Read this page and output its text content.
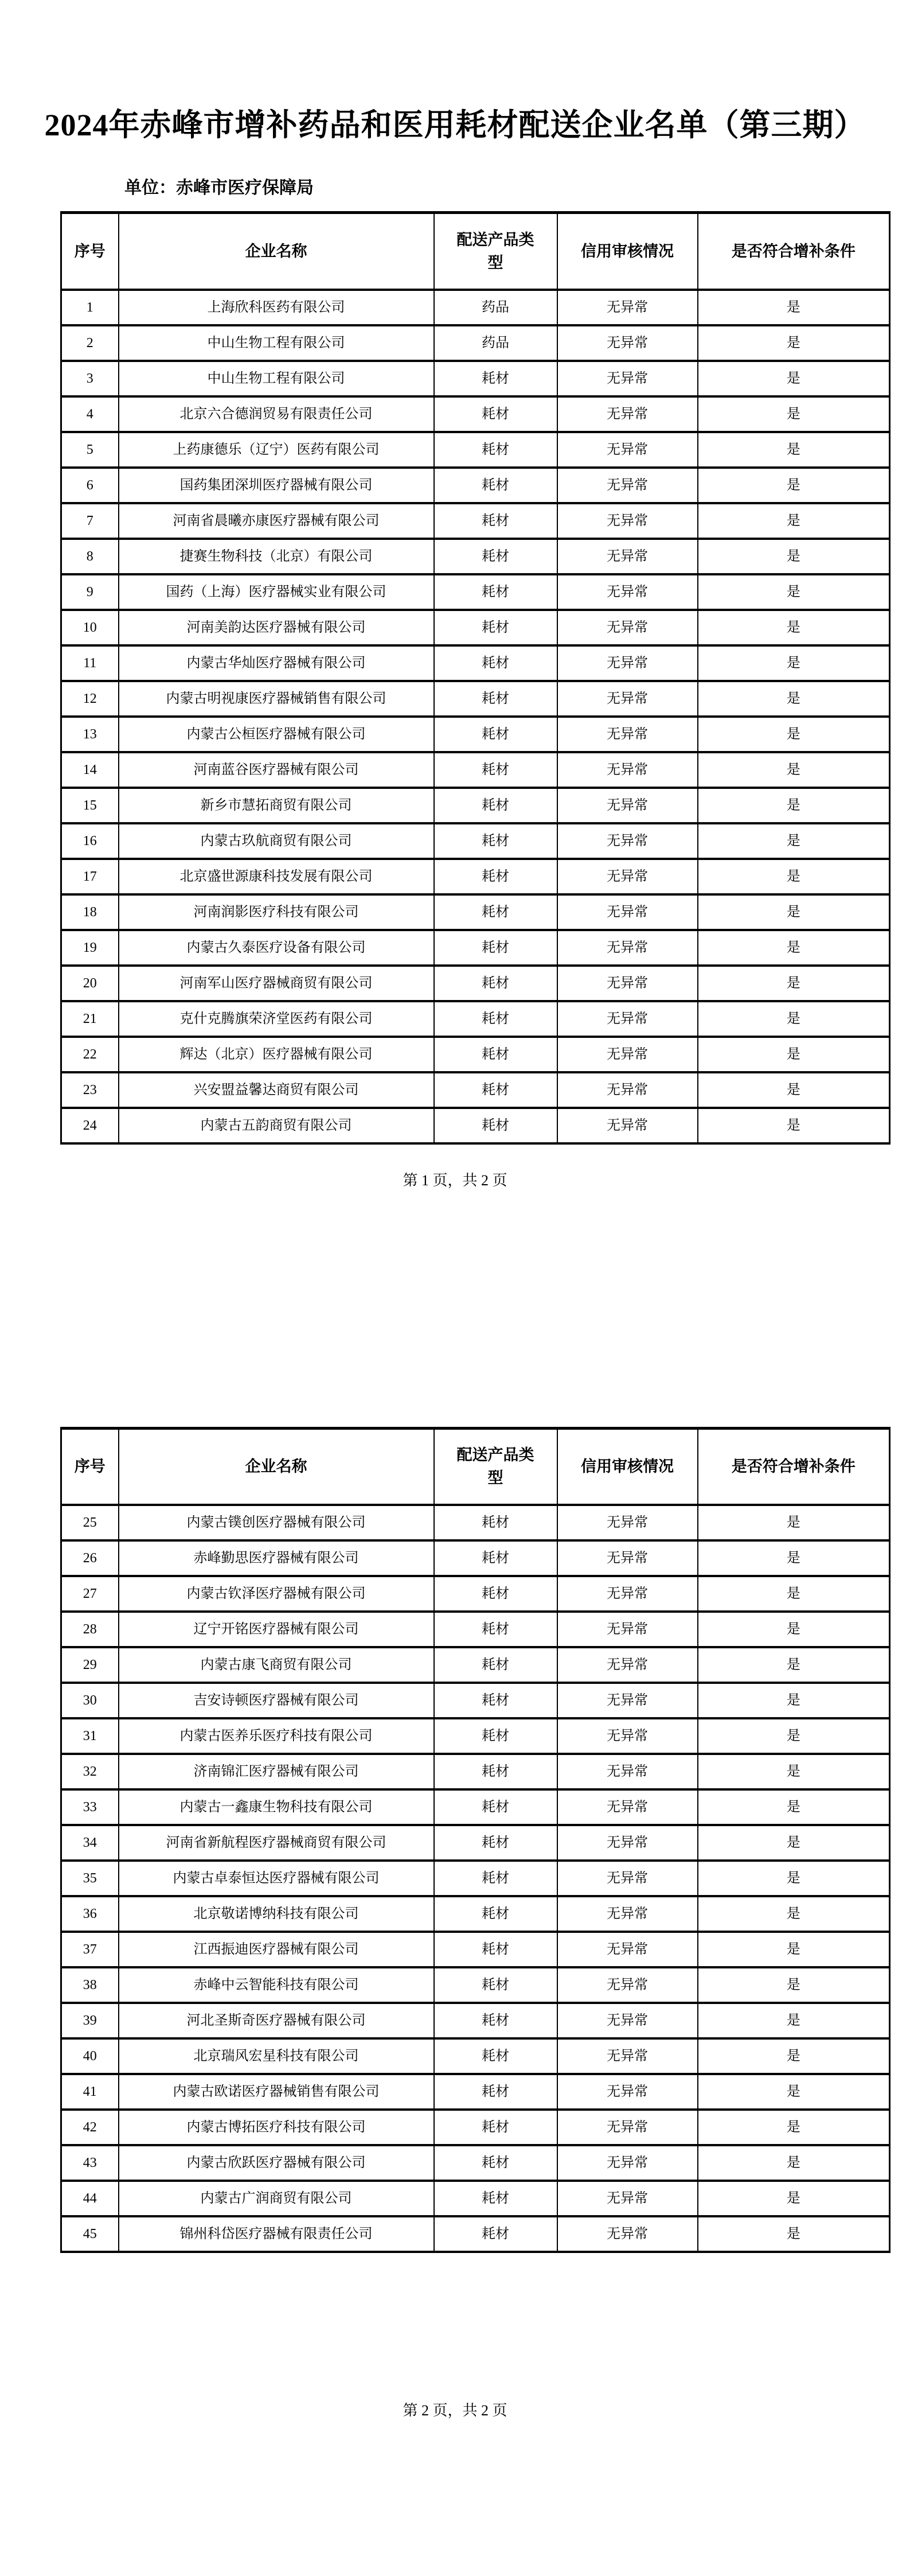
2024年赤峰市增补药品和医用耗材配送企业名单（第三期）
单位：赤峰市医疗保障局
序号	企业名称	配送产品类型	信用审核情况	是否符合增补条件
1	上海欣科医药有限公司	药品	无异常	是
2	中山生物工程有限公司	药品	无异常	是
3	中山生物工程有限公司	耗材	无异常	是
4	北京六合德润贸易有限责任公司	耗材	无异常	是
5	上药康德乐（辽宁）医药有限公司	耗材	无异常	是
6	国药集团深圳医疗器械有限公司	耗材	无异常	是
7	河南省晨曦亦康医疗器械有限公司	耗材	无异常	是
8	捷赛生物科技（北京）有限公司	耗材	无异常	是
9	国药（上海）医疗器械实业有限公司	耗材	无异常	是
10	河南美韵达医疗器械有限公司	耗材	无异常	是
11	内蒙古华灿医疗器械有限公司	耗材	无异常	是
12	内蒙古明视康医疗器械销售有限公司	耗材	无异常	是
13	内蒙古公桓医疗器械有限公司	耗材	无异常	是
14	河南蓝谷医疗器械有限公司	耗材	无异常	是
15	新乡市慧拓商贸有限公司	耗材	无异常	是
16	内蒙古玖航商贸有限公司	耗材	无异常	是
17	北京盛世源康科技发展有限公司	耗材	无异常	是
18	河南润影医疗科技有限公司	耗材	无异常	是
19	内蒙古久泰医疗设备有限公司	耗材	无异常	是
20	河南军山医疗器械商贸有限公司	耗材	无异常	是
21	克什克腾旗荣济堂医药有限公司	耗材	无异常	是
22	辉达（北京）医疗器械有限公司	耗材	无异常	是
23	兴安盟益馨达商贸有限公司	耗材	无异常	是
24	内蒙古五韵商贸有限公司	耗材	无异常	是
第 1 页，共 2 页
序号	企业名称	配送产品类型	信用审核情况	是否符合增补条件
25	内蒙古镤创医疗器械有限公司	耗材	无异常	是
26	赤峰勤思医疗器械有限公司	耗材	无异常	是
27	内蒙古钦泽医疗器械有限公司	耗材	无异常	是
28	辽宁开铭医疗器械有限公司	耗材	无异常	是
29	内蒙古康飞商贸有限公司	耗材	无异常	是
30	吉安诗顿医疗器械有限公司	耗材	无异常	是
31	内蒙古医养乐医疗科技有限公司	耗材	无异常	是
32	济南锦汇医疗器械有限公司	耗材	无异常	是
33	内蒙古一鑫康生物科技有限公司	耗材	无异常	是
34	河南省新航程医疗器械商贸有限公司	耗材	无异常	是
35	内蒙古卓泰恒达医疗器械有限公司	耗材	无异常	是
36	北京敬诺博纳科技有限公司	耗材	无异常	是
37	江西振迪医疗器械有限公司	耗材	无异常	是
38	赤峰中云智能科技有限公司	耗材	无异常	是
39	河北圣斯奇医疗器械有限公司	耗材	无异常	是
40	北京瑞风宏星科技有限公司	耗材	无异常	是
41	内蒙古欧诺医疗器械销售有限公司	耗材	无异常	是
42	内蒙古博拓医疗科技有限公司	耗材	无异常	是
43	内蒙古欣跃医疗器械有限公司	耗材	无异常	是
44	内蒙古广润商贸有限公司	耗材	无异常	是
45	锦州科岱医疗器械有限责任公司	耗材	无异常	是
第 2 页，共 2 页
